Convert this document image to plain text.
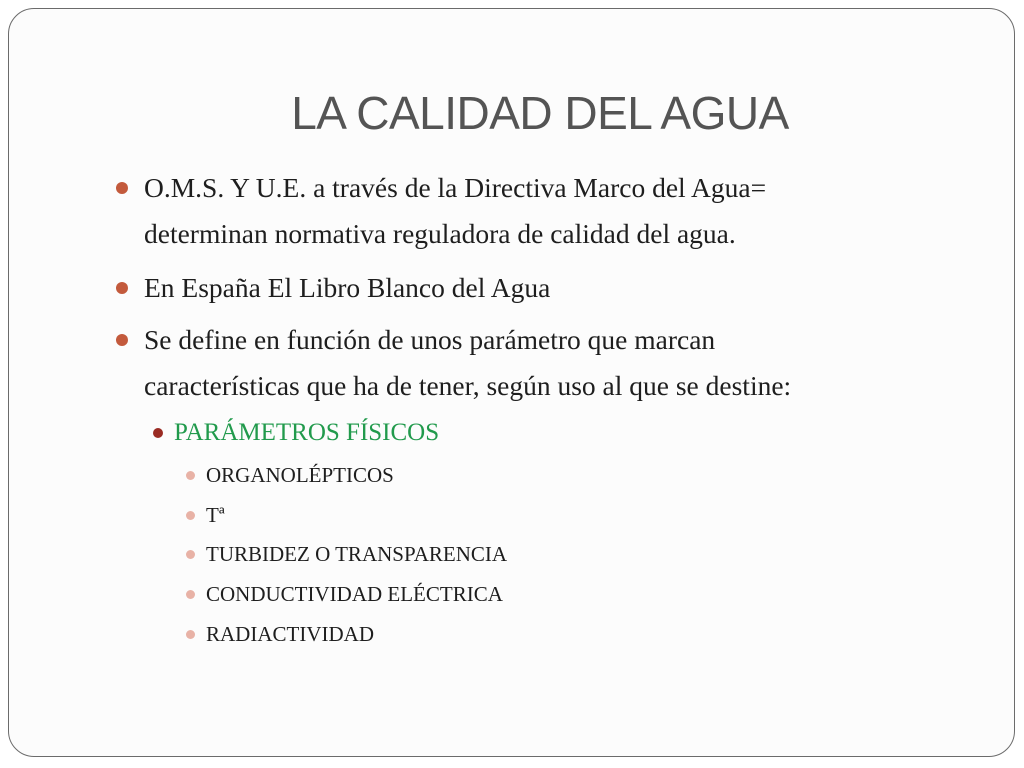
LA CALIDAD DEL AGUA

O.M.S. Y U.E. a través de la Directiva Marco del Agua=

determinan normativa reguladora de calidad del agua.

En España El Libro Blanco del Agua

Se define en función de unos parámetro que marcan

características que ha de tener, según uso al que se destine:

PARÁMETROS FÍSICOS

ORGANOLÉPTICOS

Tª

TURBIDEZ O TRANSPARENCIA

CONDUCTIVIDAD ELÉCTRICA

RADIACTIVIDAD
